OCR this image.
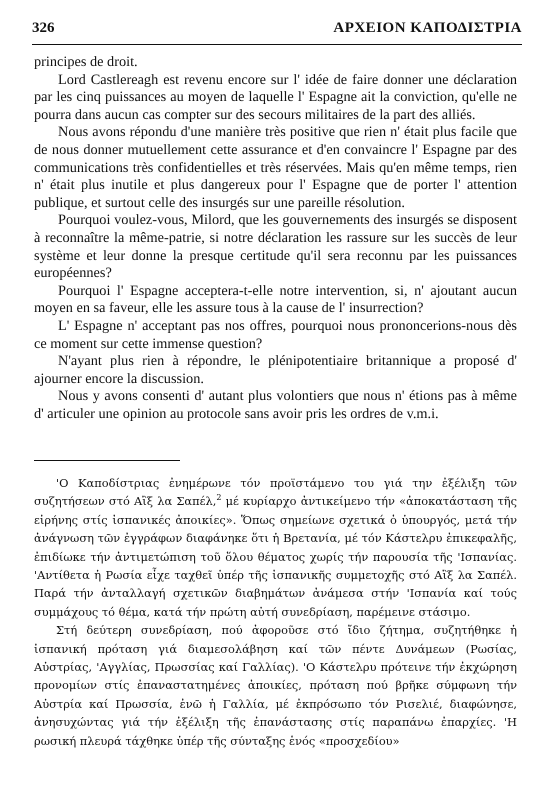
326	ΑΡΧΕΙΟΝ ΚΑΠΟΔΙΣΤΡΙΑ

principes de droit.

Lord Castlereagh est revenu encore sur l' idée de faire donner une déclaration par les cinq puissances au moyen de laquelle l' Espagne ait la conviction, qu'elle ne pourra dans aucun cas compter sur des secours militaires de la part des alliés.

Nous avons répondu d'une manière très positive que rien n' était plus facile que de nous donner mutuellement cette assurance et d'en convaincre l' Espagne par des communications très confidentielles et très réservées. Mais qu'en même temps, rien n' était plus inutile et plus dangereux pour l' Espagne que de porter l' attention publique, et surtout celle des insurgés sur une pareille résolution.

Pourquoi voulez-vous, Milord, que les gouvernements des insurgés se disposent à reconnaître la même-patrie, si notre déclaration les rassure sur les succès de leur système et leur donne la presque certitude qu'il sera reconnu par les puissances européennes?

Pourquoi l' Espagne acceptera-t-elle notre intervention, si, n' ajoutant aucun moyen en sa faveur, elle les assure tous à la cause de l' insurrection?

L' Espagne n' acceptant pas nos offres, pourquoi nous prononcerions-nous dès ce moment sur cette immense question?

N'ayant plus rien à répondre, le plénipotentiaire britannique a proposé d' ajourner encore la discussion.

Nous y avons consenti d' autant plus volontiers que nous n' étions pas à même d' articuler une opinion au protocole sans avoir pris les ordres de v.m.i.

'Ο Καποδίστριας ἐνημέρωνε τόν προϊστάμενο του γιά την ἐξέλιξη τῶν συζητήσεων στό Αἲξ λα Σαπέλ,$^2$ μέ κυρίαρχο ἀντικείμενο τήν «ἀποκατάσταση τῆς εἰρήνης στίς ἰσπανικές ἀποικίες». Ὅπως σημείωνε σχετικά ὁ ὑπουργός, μετά τήν ἀνάγνωση τῶν ἐγγράφων διαφάνηκε ὅτι ἡ Βρετανία, μέ τόν Κάστελρυ ἐπικεφαλῆς, ἐπιδίωκε τήν ἀντιμετώπιση τοῦ ὅλου θέματος χωρίς τήν παρουσία τῆς 'Ισπανίας. 'Αντίθετα ἡ Ρωσία εἶχε ταχθεῖ ὑπέρ τῆς ἰσπανικῆς συμμετοχῆς στό Αἲξ λα Σαπέλ. Παρά τήν ἀνταλλαγή σχετικῶν διαβημάτων ἀνάμεσα στήν 'Ισπανία καί τούς συμμάχους τό θέμα, κατά τήν πρώτη αὐτή συνεδρίαση, παρέμεινε στάσιμο.

Στή δεύτερη συνεδρίαση, πού ἀφοροῦσε στό ἴδιο ζήτημα, συζητήθηκε ἡ ἰσπανική πρόταση γιά διαμεσολάβηση καί τῶν πέντε Δυνάμεων (Ρωσίας, Αὐστρίας, 'Αγγλίας, Πρωσσίας καί Γαλλίας). 'Ο Κάστελρυ πρότεινε τήν ἐκχώρηση προνομίων στίς ἐπαναστατημένες ἀποικίες, πρόταση πού βρῆκε σύμφωνη τήν Αὐστρία καί Πρωσσία, ἐνῶ ἡ Γαλλία, μέ ἐκπρόσωπο τόν Ρισελιέ, διαφώνησε, ἀνησυχώντας γιά τήν ἐξέλιξη τῆς ἐπανάστασης στίς παραπάνω ἐπαρχίες. 'Η ρωσική πλευρά τάχθηκε ὑπέρ τῆς σύνταξης ἑνός «προσχεδίου»
